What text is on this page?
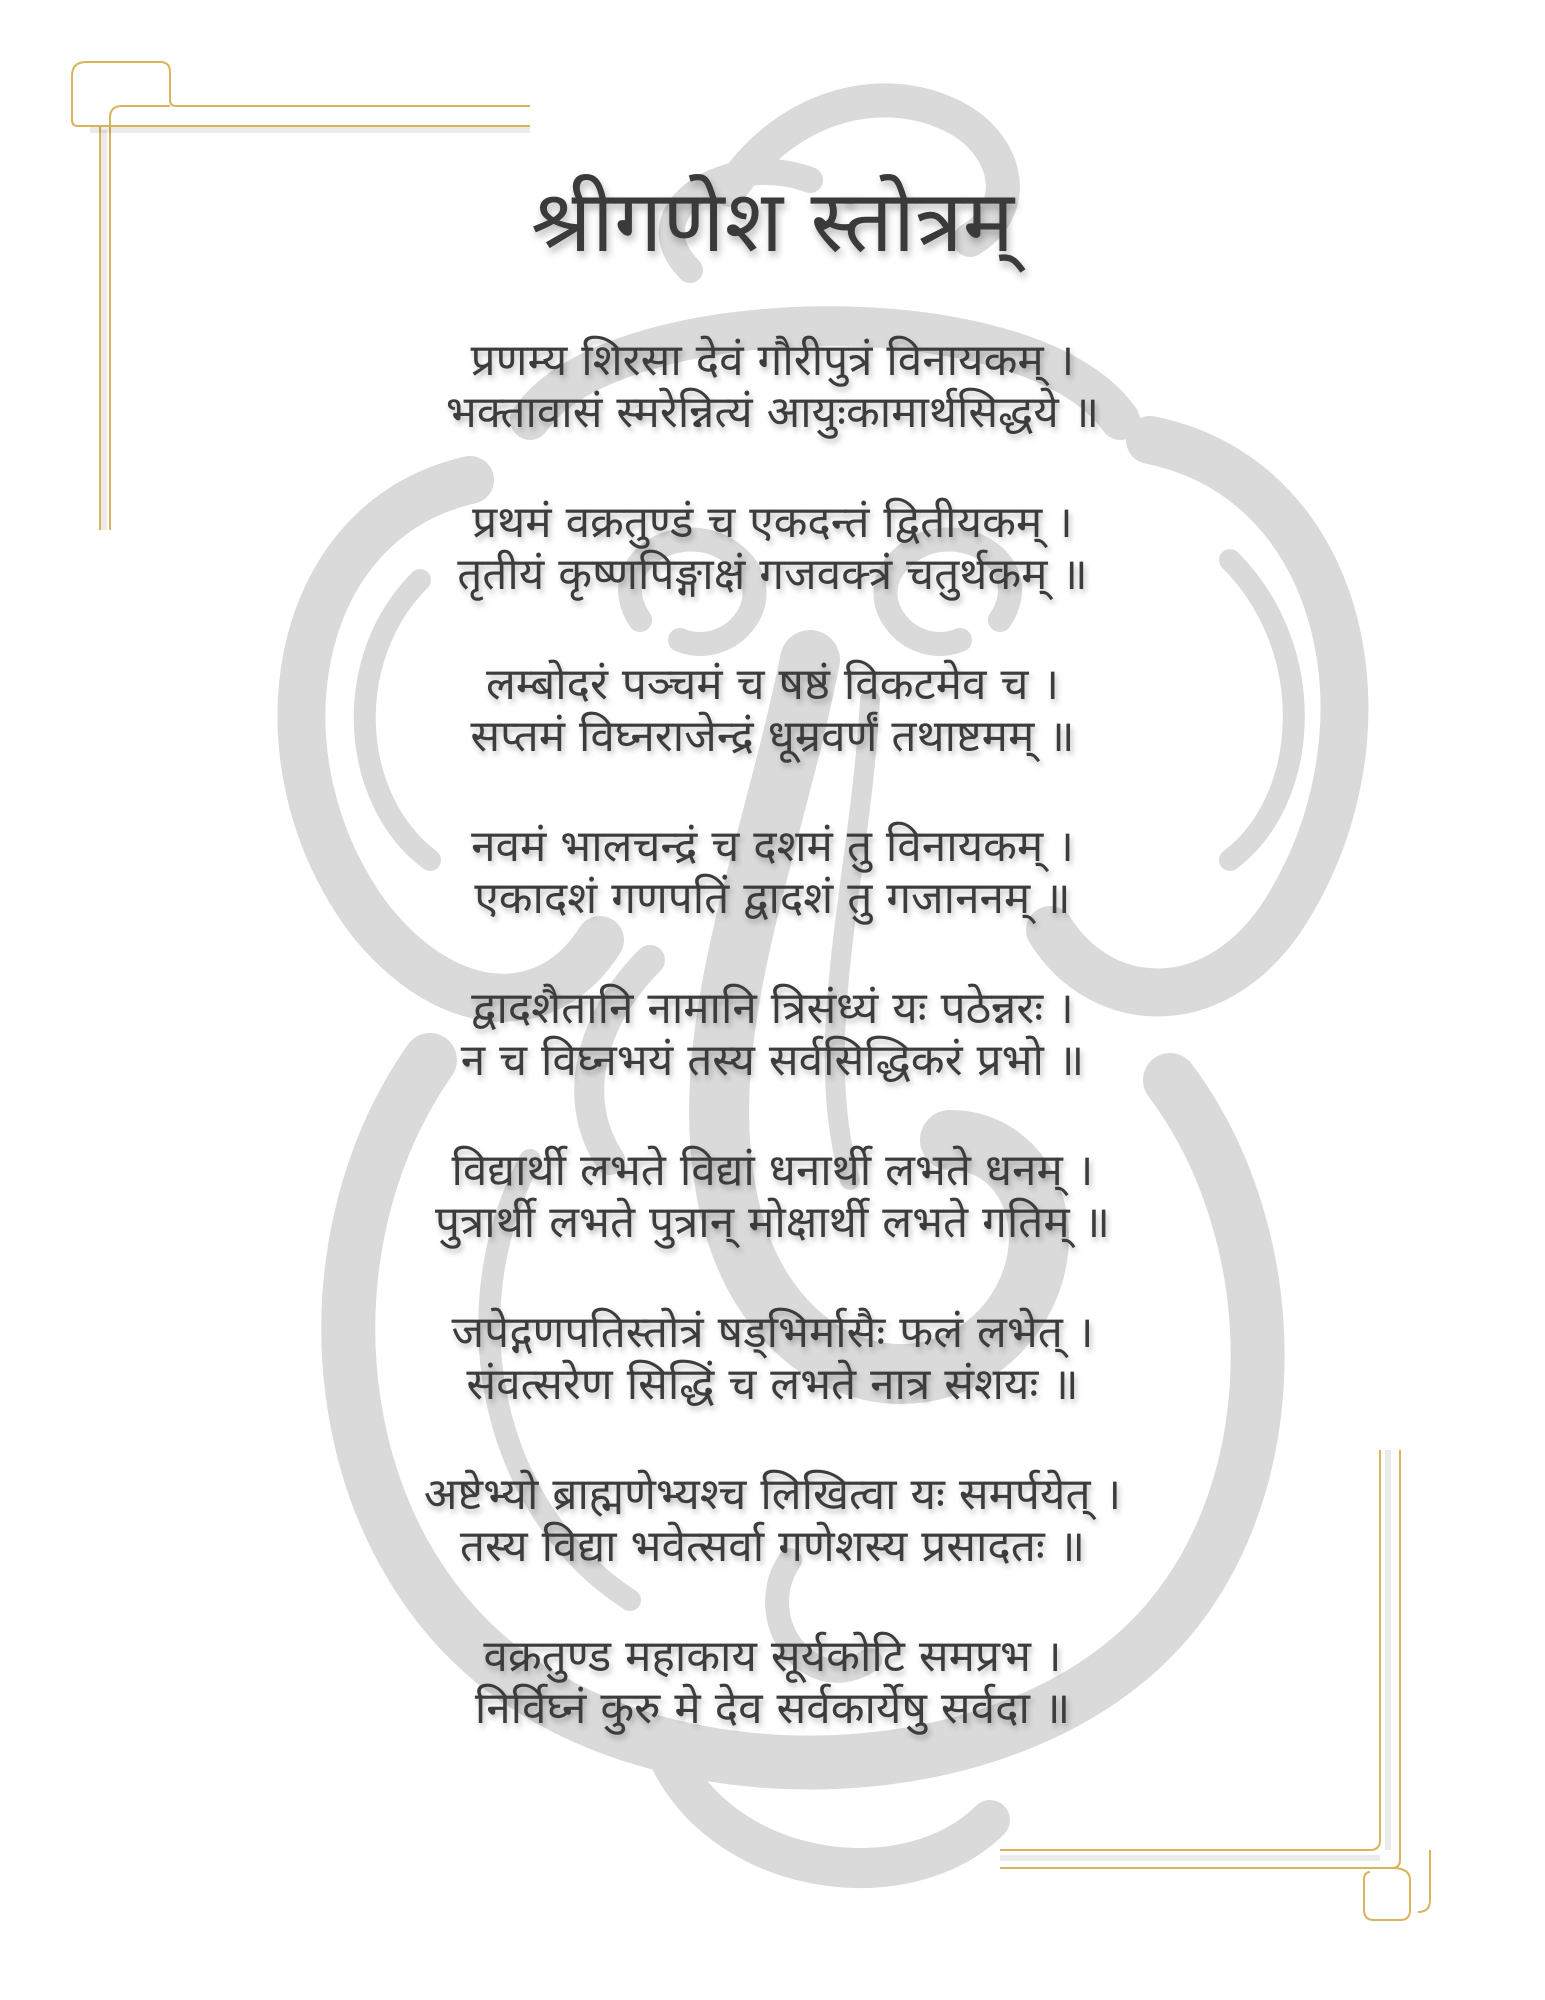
श्रीगणेश स्तोत्रम्
प्रणम्य शिरसा देवं गौरीपुत्रं विनायकम् ।
भक्तावासं स्मरेन्नित्यं आयुःकामार्थसिद्धये ॥
प्रथमं वक्रतुण्डं च एकदन्तं द्वितीयकम् ।
तृतीयं कृष्णपिङ्गाक्षं गजवक्त्रं चतुर्थकम् ॥
लम्बोदरं पञ्चमं च षष्ठं विकटमेव च ।
सप्तमं विघ्नराजेन्द्रं धूम्रवर्णं तथाष्टमम् ॥
नवमं भालचन्द्रं च दशमं तु विनायकम् ।
एकादशं गणपतिं द्वादशं तु गजाननम् ॥
द्वादशैतानि नामानि त्रिसंध्यं यः पठेन्नरः ।
न च विघ्नभयं तस्य सर्वसिद्धिकरं प्रभो ॥
विद्यार्थी लभते विद्यां धनार्थी लभते धनम् ।
पुत्रार्थी लभते पुत्रान् मोक्षार्थी लभते गतिम् ॥
जपेद्गणपतिस्तोत्रं षड्भिर्मासैः फलं लभेत् ।
संवत्सरेण सिद्धिं च लभते नात्र संशयः ॥
अष्टेभ्यो ब्राह्मणेभ्यश्च लिखित्वा यः समर्पयेत् ।
तस्य विद्या भवेत्सर्वा गणेशस्य प्रसादतः ॥
वक्रतुण्ड महाकाय सूर्यकोटि समप्रभ ।
निर्विघ्नं कुरु मे देव सर्वकार्येषु सर्वदा ॥
